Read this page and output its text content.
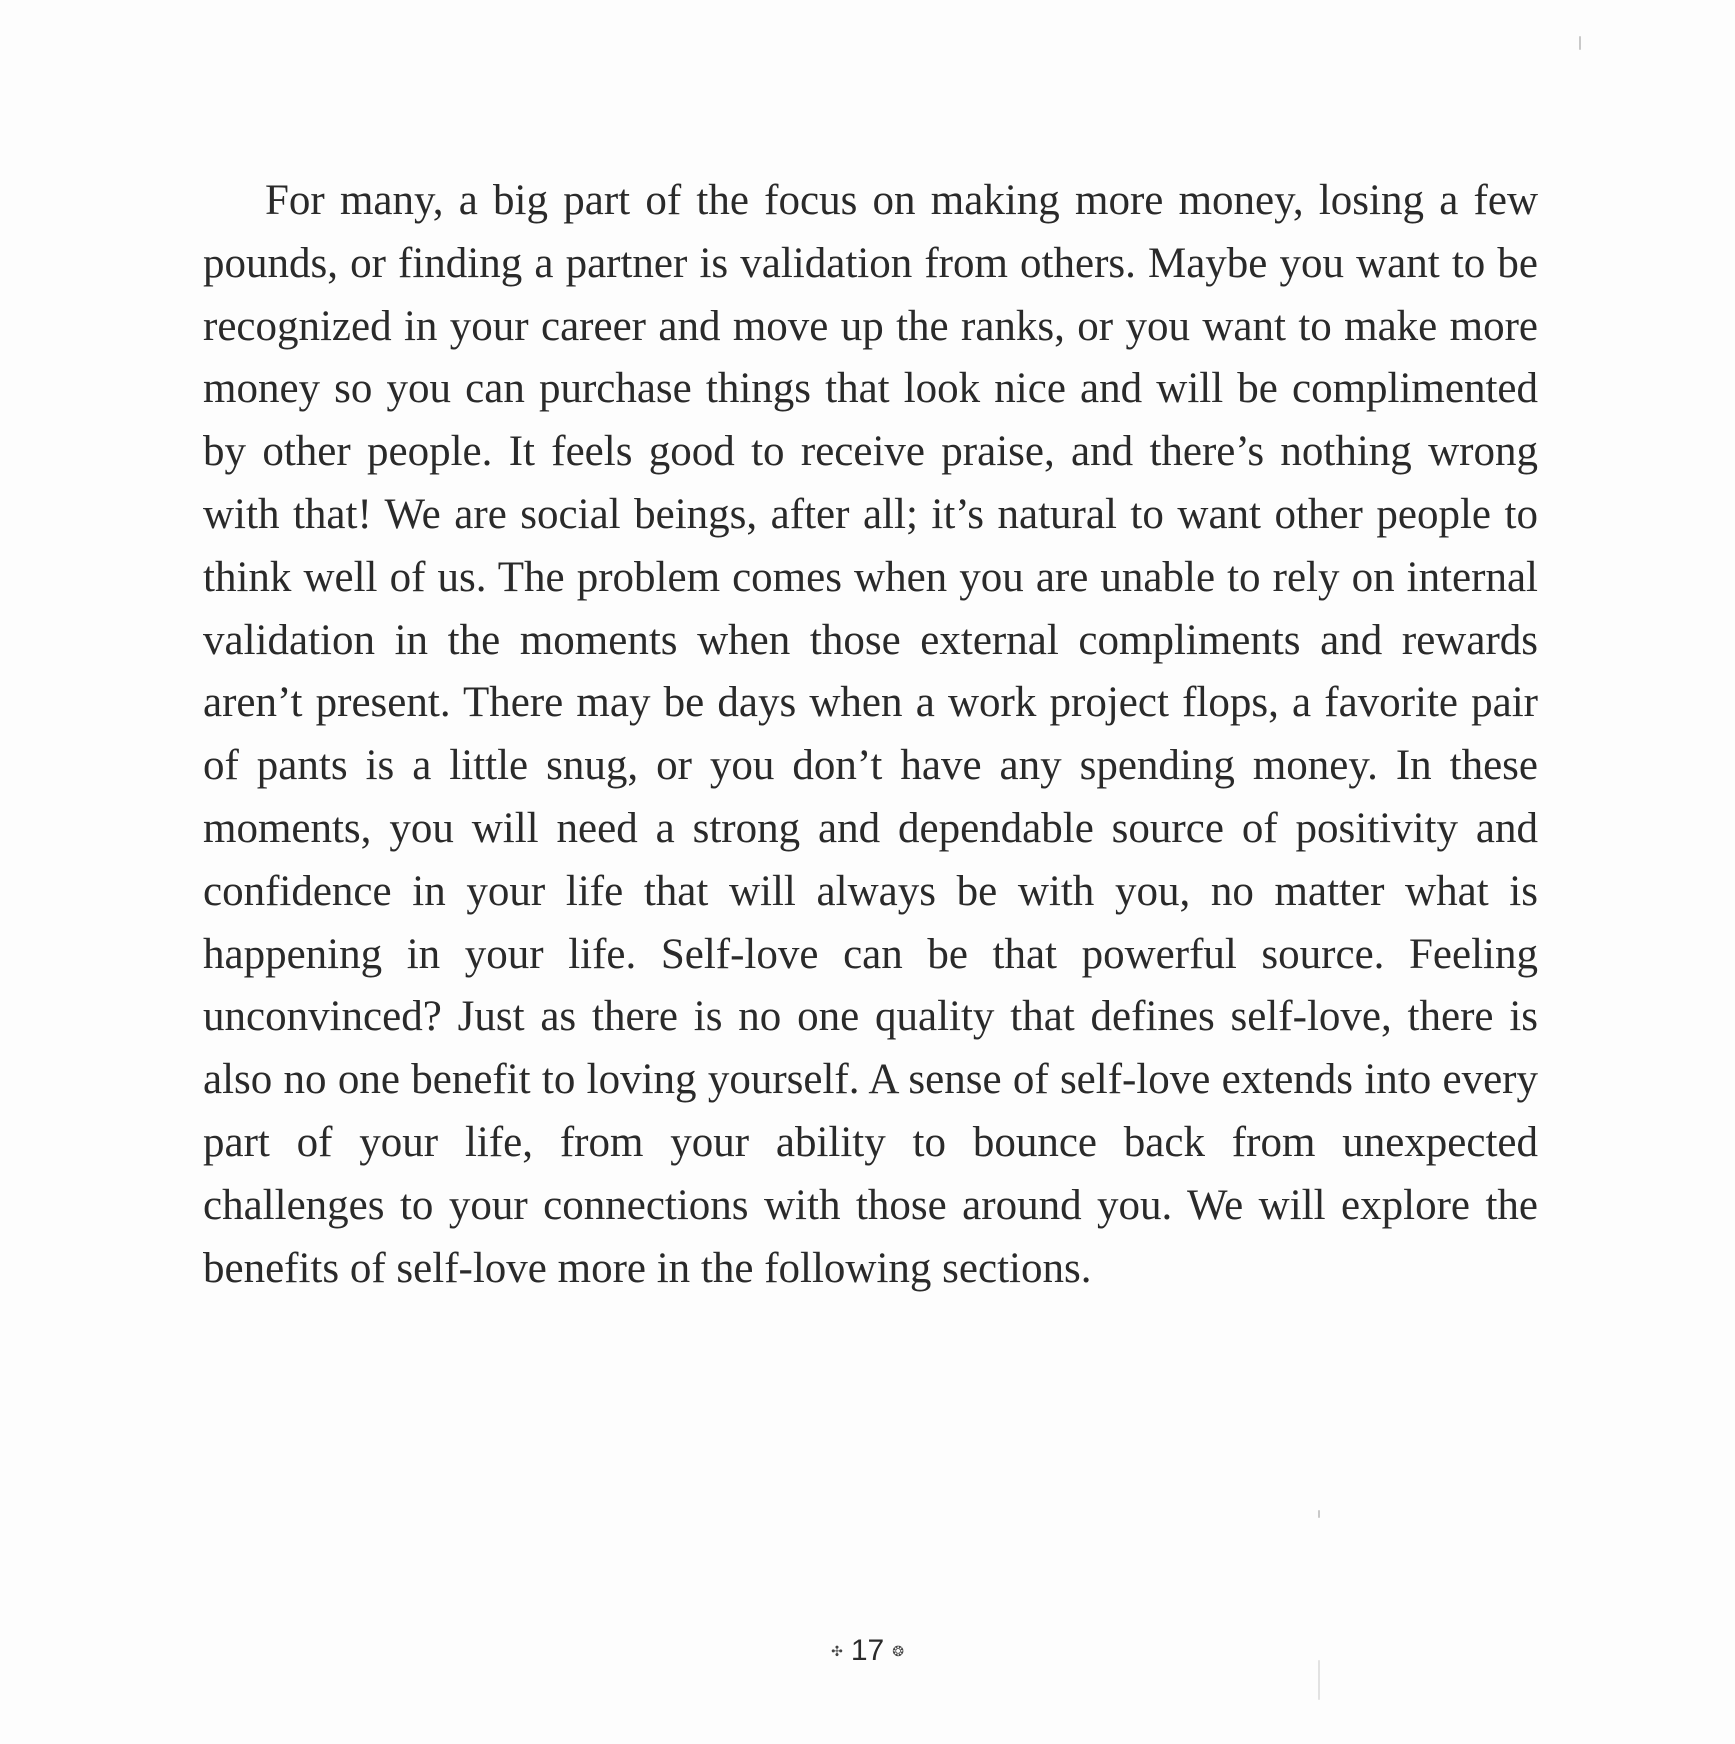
For many, a big part of the focus on making more money, losing a few pounds, or finding a partner is validation from others. Maybe you want to be recognized in your career and move up the ranks, or you want to make more money so you can purchase things that look nice and will be complimented by other people. It feels good to receive praise, and there’s nothing wrong with that! We are social beings, after all; it’s natural to want other people to think well of us. The problem comes when you are unable to rely on internal validation in the moments when those external compliments and rewards aren’t present. There may be days when a work project flops, a favorite pair of pants is a little snug, or you don’t have any spending money. In these moments, you will need a strong and dependable source of positivity and confidence in your life that will always be with you, no matter what is happening in your life. Self-love can be that powerful source. Feeling unconvinced? Just as there is no one quality that defines self-love, there is also no one benefit to loving yourself. A sense of self-love extends into every part of your life, from your ability to bounce back from unexpected challenges to your connections with those around you. We will explore the benefits of self-love more in the following sections.

✣ 17 ❂
